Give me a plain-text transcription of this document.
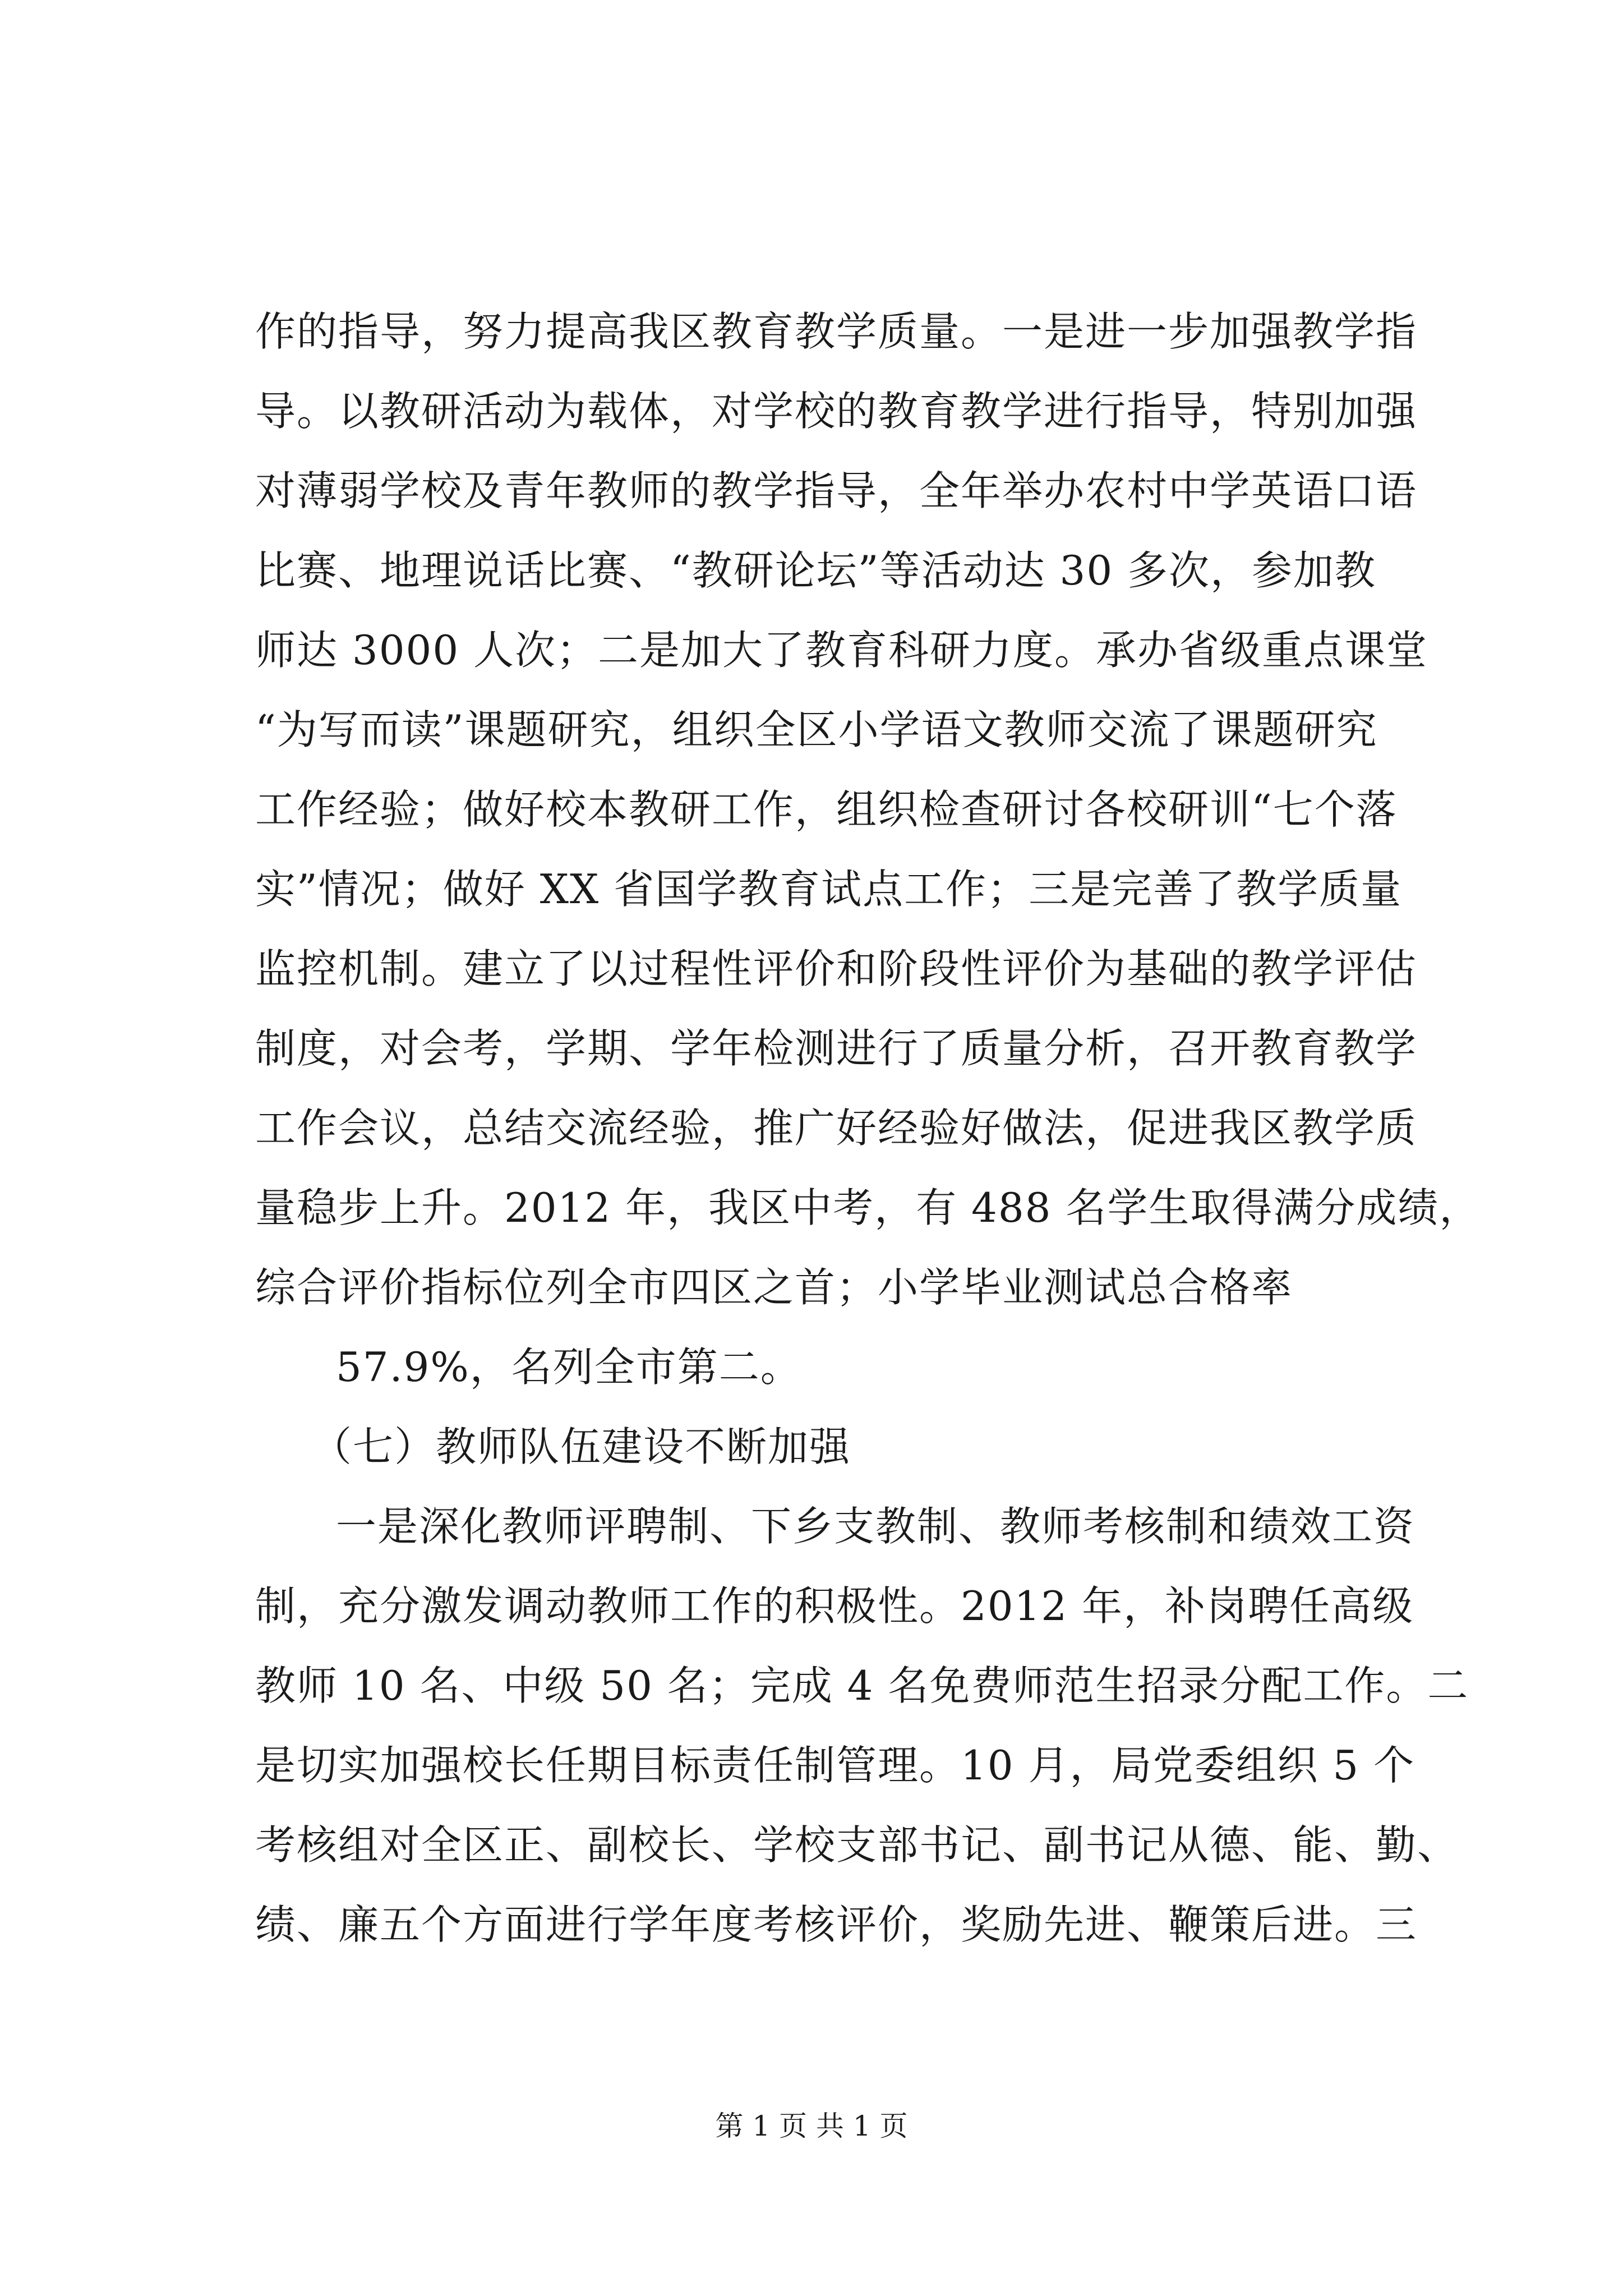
作的指导，努力提高我区教育教学质量。一是进一步加强教学指
导。以教研活动为载体，对学校的教育教学进行指导，特别加强
对薄弱学校及青年教师的教学指导，全年举办农村中学英语口语
比赛、地理说话比赛、“教研论坛”等活动达 30 多次，参加教
师达 3000 人次；二是加大了教育科研力度。承办省级重点课堂
“为写而读”课题研究，组织全区小学语文教师交流了课题研究
工作经验；做好校本教研工作，组织检查研讨各校研训“七个落
实”情况；做好 XX 省国学教育试点工作；三是完善了教学质量
监控机制。建立了以过程性评价和阶段性评价为基础的教学评估
制度，对会考，学期、学年检测进行了质量分析，召开教育教学
工作会议，总结交流经验，推广好经验好做法，促进我区教学质
量稳步上升。2012 年，我区中考，有 488 名学生取得满分成绩，
综合评价指标位列全市四区之首；小学毕业测试总合格率
57.9%，名列全市第二。
（七）教师队伍建设不断加强
一是深化教师评聘制、下乡支教制、教师考核制和绩效工资
制，充分激发调动教师工作的积极性。2012 年，补岗聘任高级
教师 10 名、中级 50 名；完成 4 名免费师范生招录分配工作。二
是切实加强校长任期目标责任制管理。10 月，局党委组织 5 个
考核组对全区正、副校长、学校支部书记、副书记从德、能、勤、
绩、廉五个方面进行学年度考核评价，奖励先进、鞭策后进。三
第 1 页 共 1 页
